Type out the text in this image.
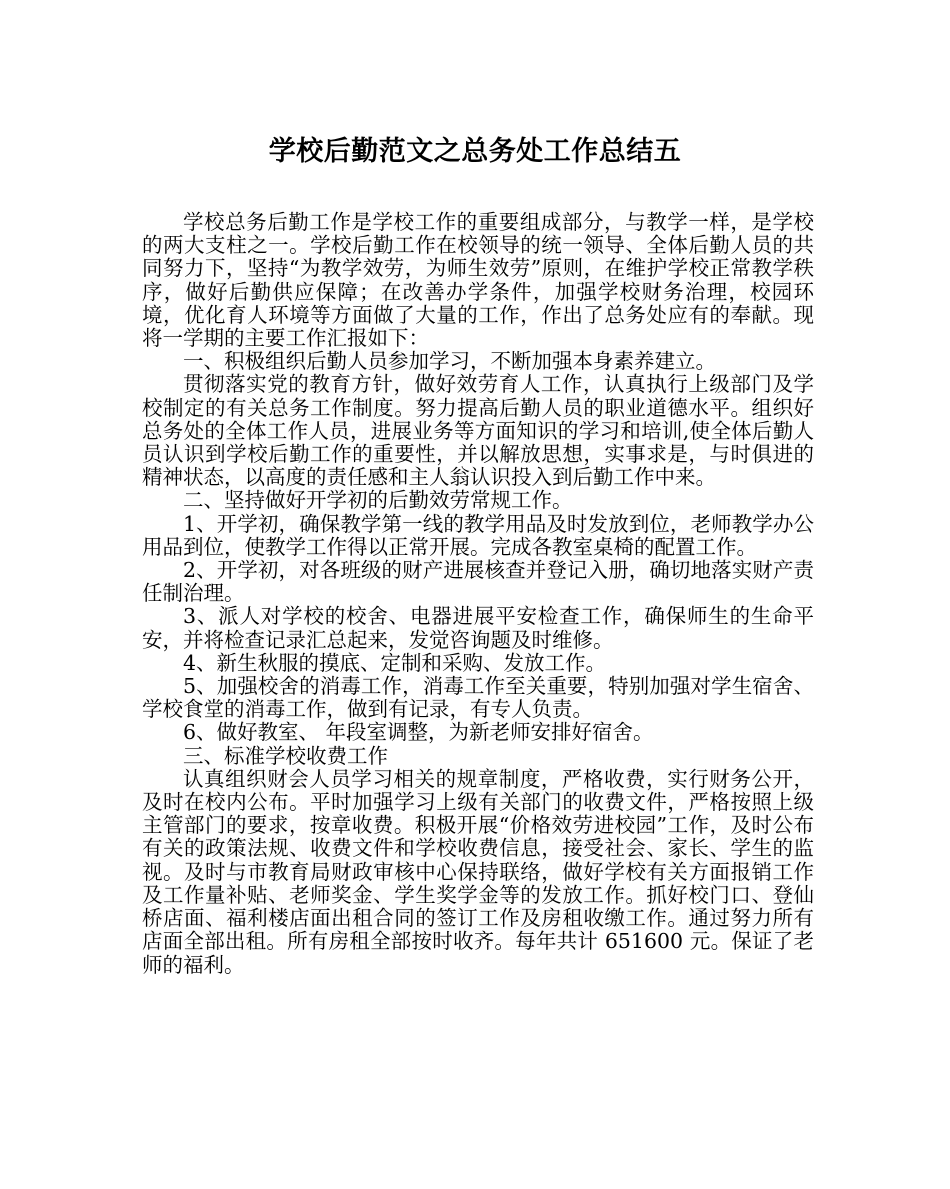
学校后勤范文之总务处工作总结五

学校总务后勤工作是学校工作的重要组成部分，与教学一样，是学校的两大支柱之一。学校后勤工作在校领导的统一领导、全体后勤人员的共同努力下，坚持“为教学效劳，为师生效劳”原则，在维护学校正常教学秩序，做好后勤供应保障；在改善办学条件，加强学校财务治理，校园环境，优化育人环境等方面做了大量的工作，作出了总务处应有的奉献。现将一学期的主要工作汇报如下：

一、积极组织后勤人员参加学习，不断加强本身素养建立。

贯彻落实党的教育方针，做好效劳育人工作，认真执行上级部门及学校制定的有关总务工作制度。努力提高后勤人员的职业道德水平。组织好总务处的全体工作人员，进展业务等方面知识的学习和培训,使全体后勤人员认识到学校后勤工作的重要性，并以解放思想，实事求是，与时俱进的精神状态，以高度的责任感和主人翁认识投入到后勤工作中来。

二、坚持做好开学初的后勤效劳常规工作。

1、开学初，确保教学第一线的教学用品及时发放到位，老师教学办公用品到位，使教学工作得以正常开展。完成各教室桌椅的配置工作。

2、开学初，对各班级的财产进展核查并登记入册，确切地落实财产责任制治理。

3、派人对学校的校舍、电器进展平安检查工作，确保师生的生命平安，并将检查记录汇总起来，发觉咨询题及时维修。

4、新生秋服的摸底、定制和采购、发放工作。

5、加强校舍的消毒工作，消毒工作至关重要，特别加强对学生宿舍、学校食堂的消毒工作，做到有记录，有专人负责。

6、做好教室、 年段室调整，为新老师安排好宿舍。

三、标准学校收费工作

认真组织财会人员学习相关的规章制度，严格收费，实行财务公开，及时在校内公布。平时加强学习上级有关部门的收费文件，严格按照上级主管部门的要求，按章收费。积极开展“价格效劳进校园”工作，及时公布有关的政策法规、收费文件和学校收费信息，接受社会、家长、学生的监视。及时与市教育局财政审核中心保持联络，做好学校有关方面报销工作及工作量补贴、老师奖金、学生奖学金等的发放工作。抓好校门口、登仙桥店面、福利楼店面出租合同的签订工作及房租收缴工作。通过努力所有店面全部出租。所有房租全部按时收齐。每年共计 651600 元。保证了老师的福利。
